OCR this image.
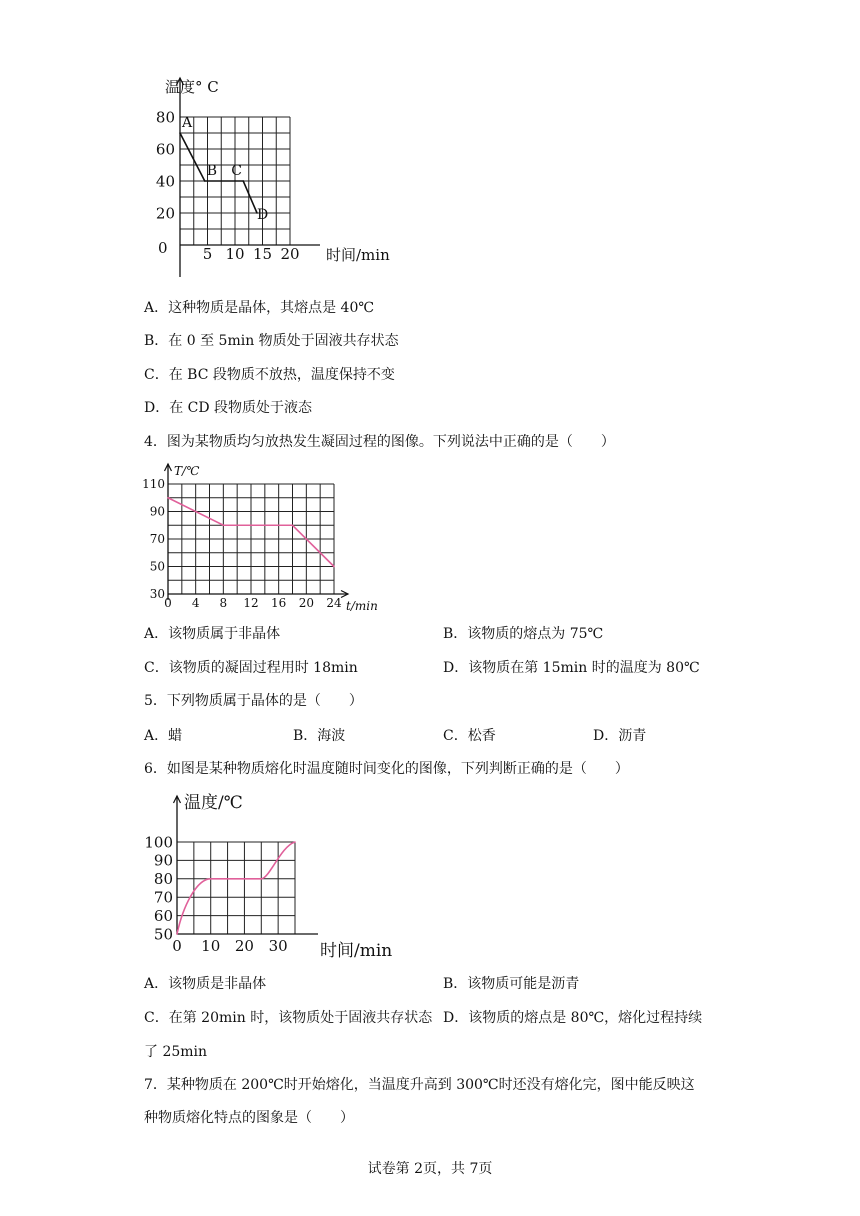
5 10 15 20
20
40
60
80 A
B C
D
温度° C
时间/min
0
A．这种物质是晶体，其熔点是 40℃
B．在 0 至 5min 物质处于固液共存状态
C．在 BC 段物质不放热，温度保持不变
D．在 CD 段物质处于液态
4．图为某物质均匀放热发生凝固过程的图像。下列说法中正确的是（　　）
0 4 8 12 16 20 24
30
50
70
90
110
T/℃
t/min
A．该物质属于非晶体	B．该物质的熔点为 75℃
C．该物质的凝固过程用时 18min	D．该物质在第 15min 时的温度为 80℃
5．下列物质属于晶体的是（　　）
A．蜡	B．海波	C．松香	D．沥青
6．如图是某种物质熔化时温度随时间变化的图像，下列判断正确的是（　　）
0 10 20 30
50
60
70
80
90
100
温度/℃
时间/min
A．该物质是非晶体	B．该物质可能是沥青
C．在第 20min 时，该物质处于固液共存状态 D．该物质的熔点是 80℃，熔化过程持续
了 25min
7．某种物质在 200℃时开始熔化，当温度升高到 300℃时还没有熔化完，图中能反映这
种物质熔化特点的图象是（　　）
试卷第 2页，共 7页
